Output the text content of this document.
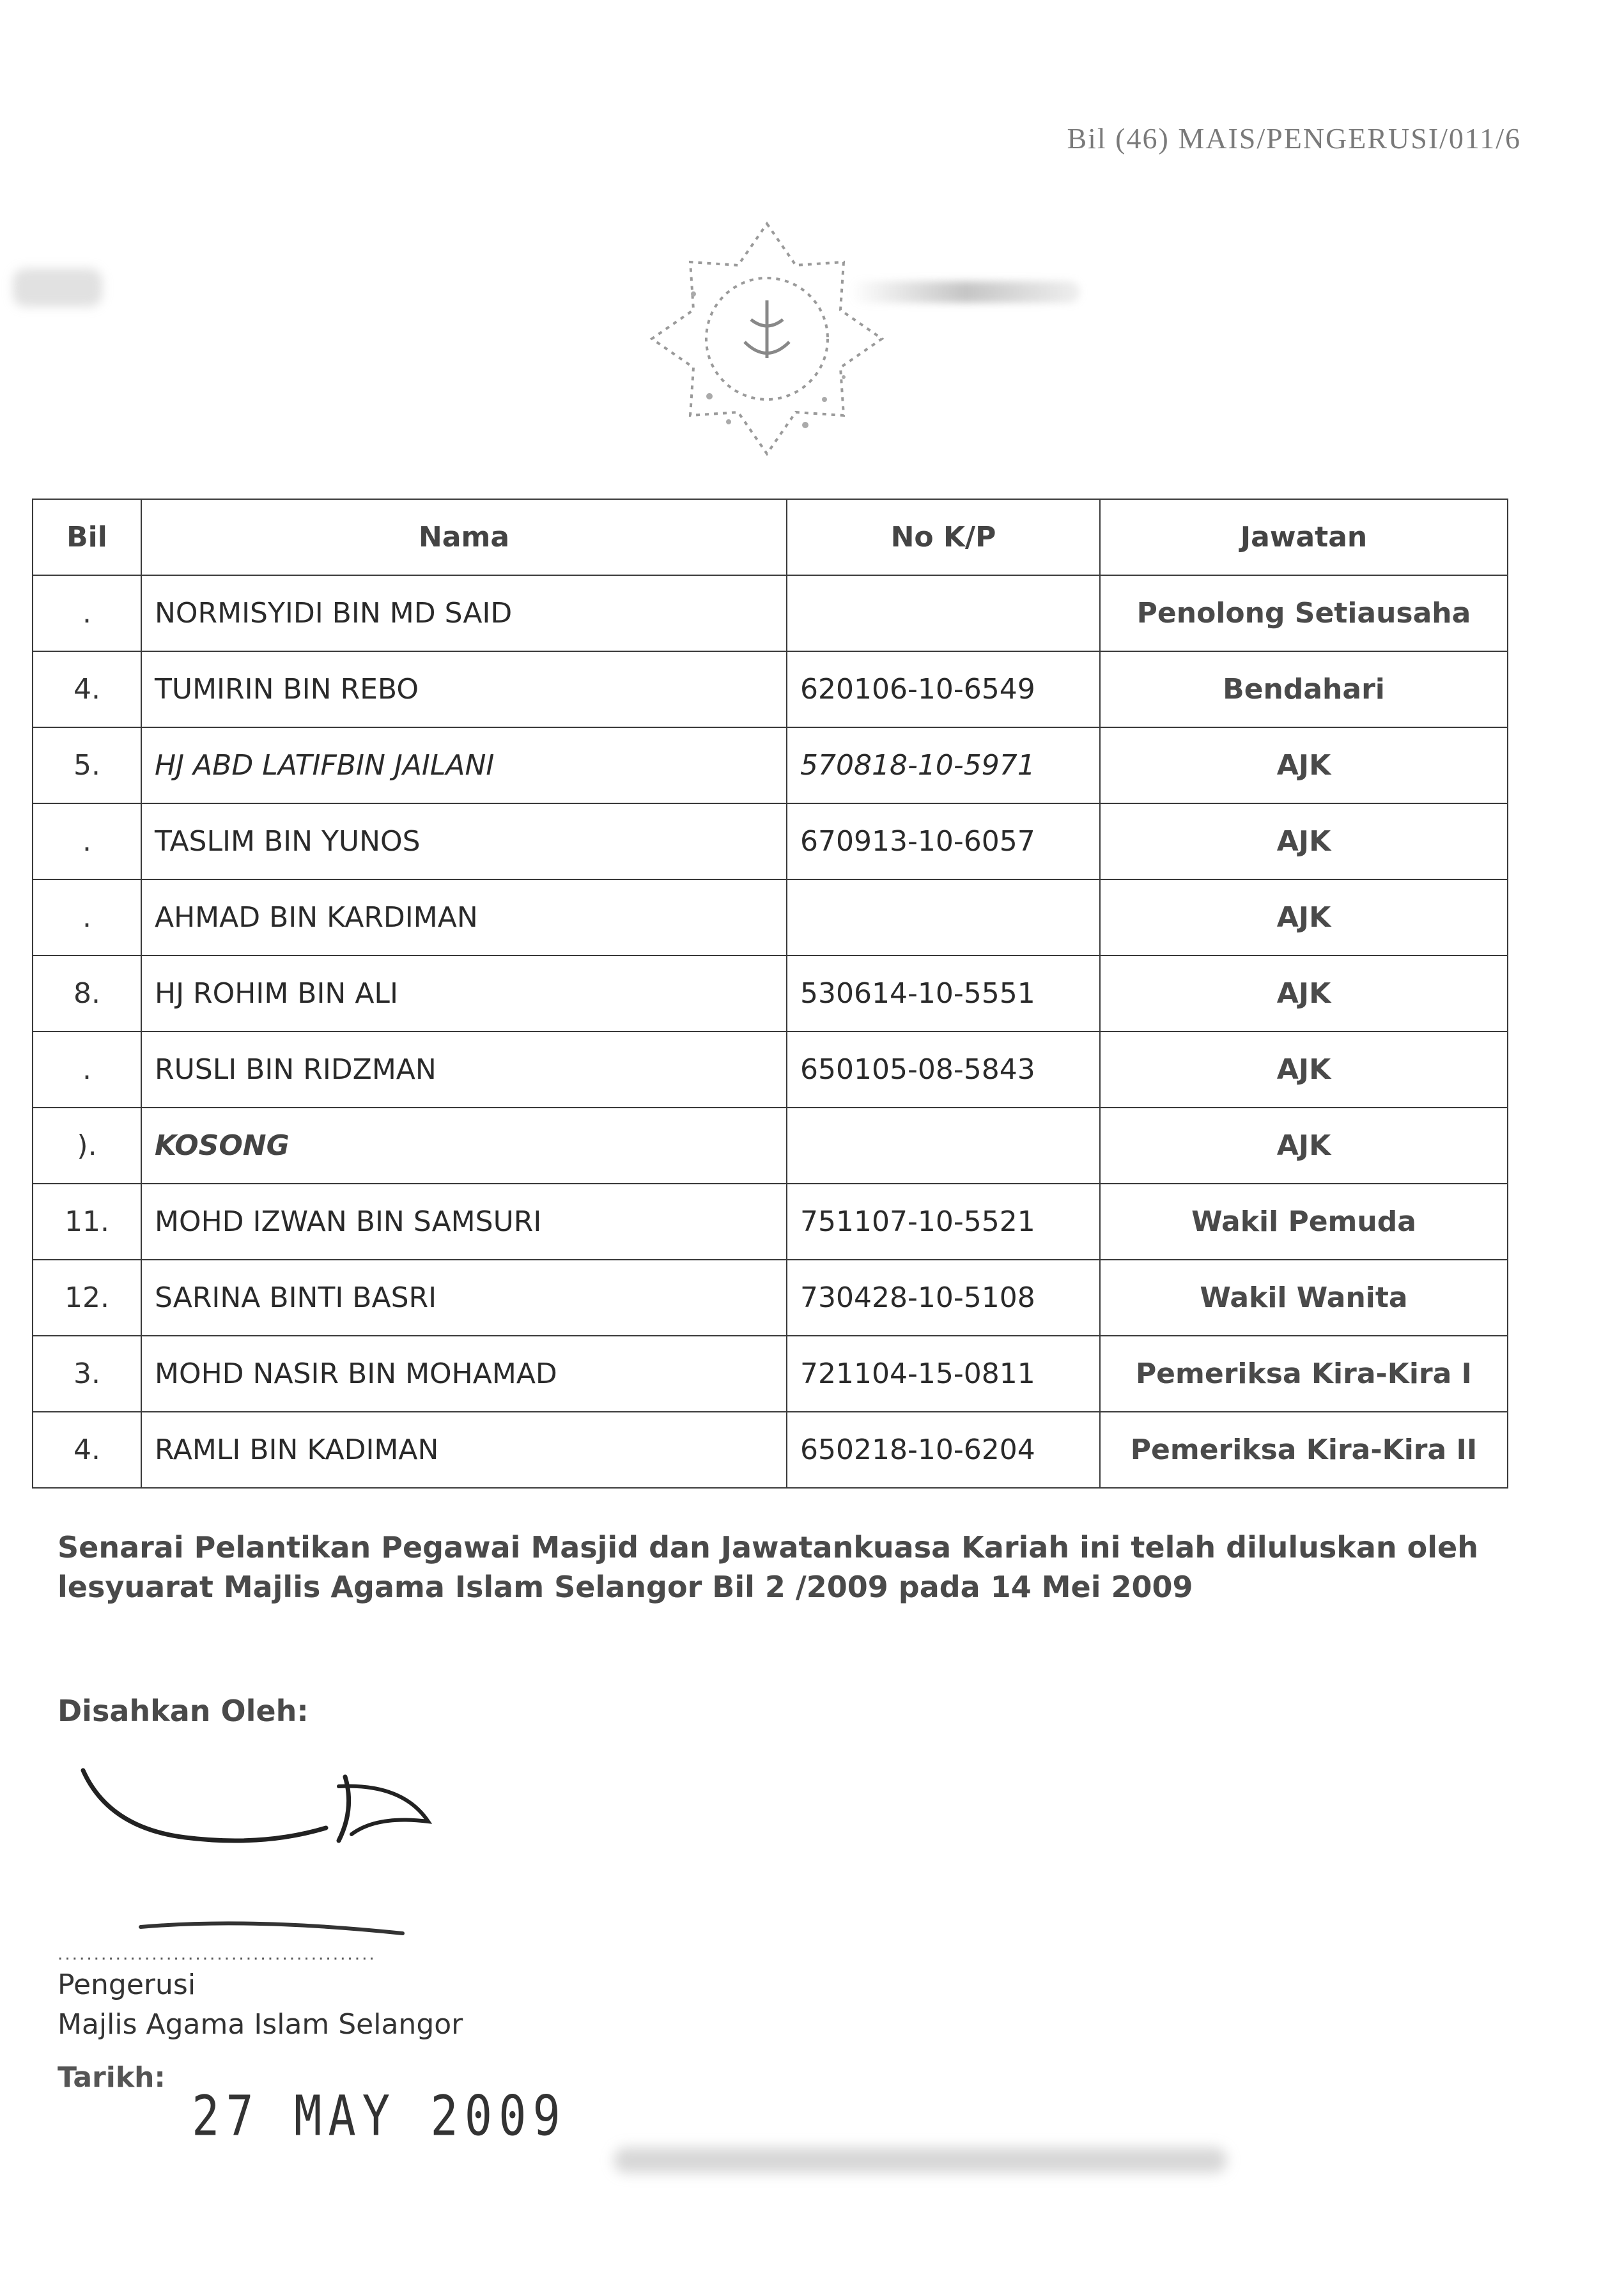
Bil (46) MAIS/PENGERUSI/011/6
Bil	Nama	No K/P	Jawatan
.	NORMISYIDI BIN MD SAID		Penolong Setiausaha
4.	TUMIRIN BIN REBO	620106-10-6549	Bendahari
5.	HJ ABD LATIFBIN JAILANI	570818-10-5971	AJK
.	TASLIM BIN YUNOS	670913-10-6057	AJK
.	AHMAD BIN KARDIMAN		AJK
8.	HJ ROHIM BIN ALI	530614-10-5551	AJK
.	RUSLI BIN RIDZMAN	650105-08-5843	AJK
).	KOSONG		AJK
11.	MOHD IZWAN BIN SAMSURI	751107-10-5521	Wakil Pemuda
12.	SARINA BINTI BASRI	730428-10-5108	Wakil Wanita
3.	MOHD NASIR BIN MOHAMAD	721104-15-0811	Pemeriksa Kira-Kira I
4.	RAMLI BIN KADIMAN	650218-10-6204	Pemeriksa Kira-Kira II
Senarai Pelantikan Pegawai Masjid dan Jawatankuasa Kariah ini telah diluluskan oleh
lesyuarat Majlis Agama Islam Selangor Bil 2 /2009 pada 14 Mei 2009
Disahkan Oleh:
............................................
Pengerusi
Majlis Agama Islam Selangor
Tarikh:
27 MAY 2009
